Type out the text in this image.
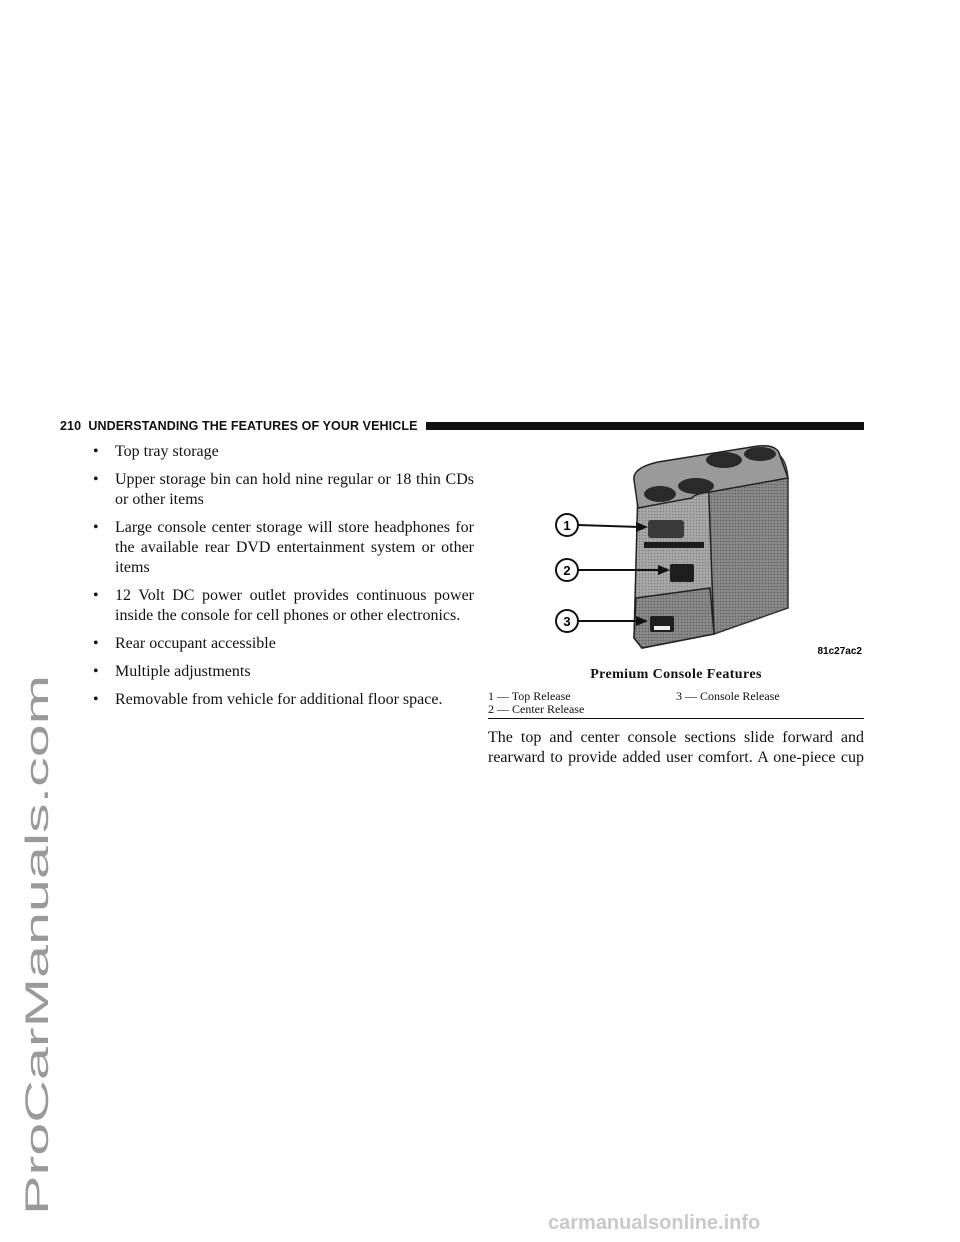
ProCarManuals.com
210 UNDERSTANDING THE FEATURES OF YOUR VEHICLE
• Top tray storage
• Upper storage bin can hold nine regular or 18 thin CDs or other items
• Large console center storage will store headphones for the available rear DVD entertainment system or other items
• 12 Volt DC power outlet provides continuous power inside the console for cell phones or other electronics.
• Rear occupant accessible
• Multiple adjustments
• Removable from vehicle for additional floor space.
1
2
3
81c27ac2
Premium Console Features
1 — Top Release	3 — Console Release
2 — Center Release

The top and center console sections slide forward and
rearward to provide added user comfort. A one-piece cup

carmanualsonline.info
